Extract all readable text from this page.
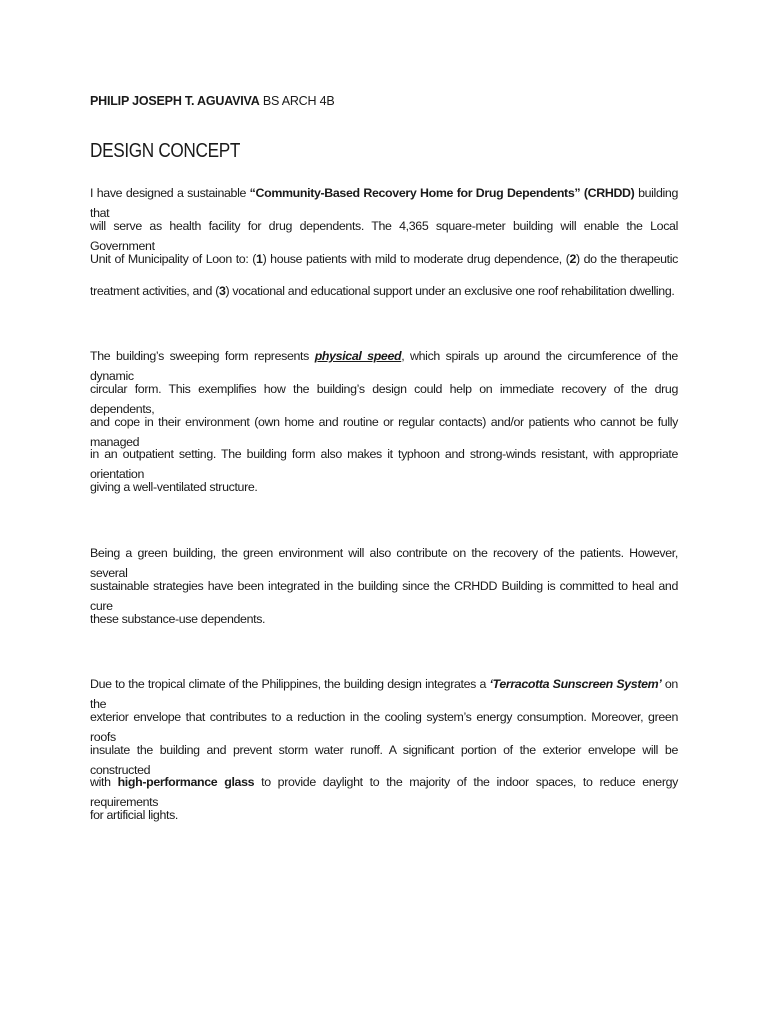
PHILIP JOSEPH T. AGUAVIVA BS ARCH 4B
DESIGN CONCEPT
I have designed a sustainable “Community-Based Recovery Home for Drug Dependents” (CRHDD) building that
will serve as health facility for drug dependents. The 4,365 square-meter building will enable the Local Government
Unit of Municipality of Loon to: (1) house patients with mild to moderate drug dependence, (2) do the therapeutic
treatment activities, and (3) vocational and educational support under an exclusive one roof rehabilitation dwelling.
The building’s sweeping form represents physical speed, which spirals up around the circumference of the dynamic
circular form. This exemplifies how the building’s design could help on immediate recovery of the drug dependents,
and cope in their environment (own home and routine or regular contacts) and/or patients who cannot be fully managed
in an outpatient setting. The building form also makes it typhoon and strong-winds resistant, with appropriate orientation
giving a well-ventilated structure.
Being a green building, the green environment will also contribute on the recovery of the patients. However, several
sustainable strategies have been integrated in the building since the CRHDD Building is committed to heal and cure
these substance-use dependents.
Due to the tropical climate of the Philippines, the building design integrates a ‘Terracotta Sunscreen System’ on the
exterior envelope that contributes to a reduction in the cooling system’s energy consumption. Moreover, green roofs
insulate the building and prevent storm water runoff. A significant portion of the exterior envelope will be constructed
with high-performance glass to provide daylight to the majority of the indoor spaces, to reduce energy requirements
for artificial lights.
